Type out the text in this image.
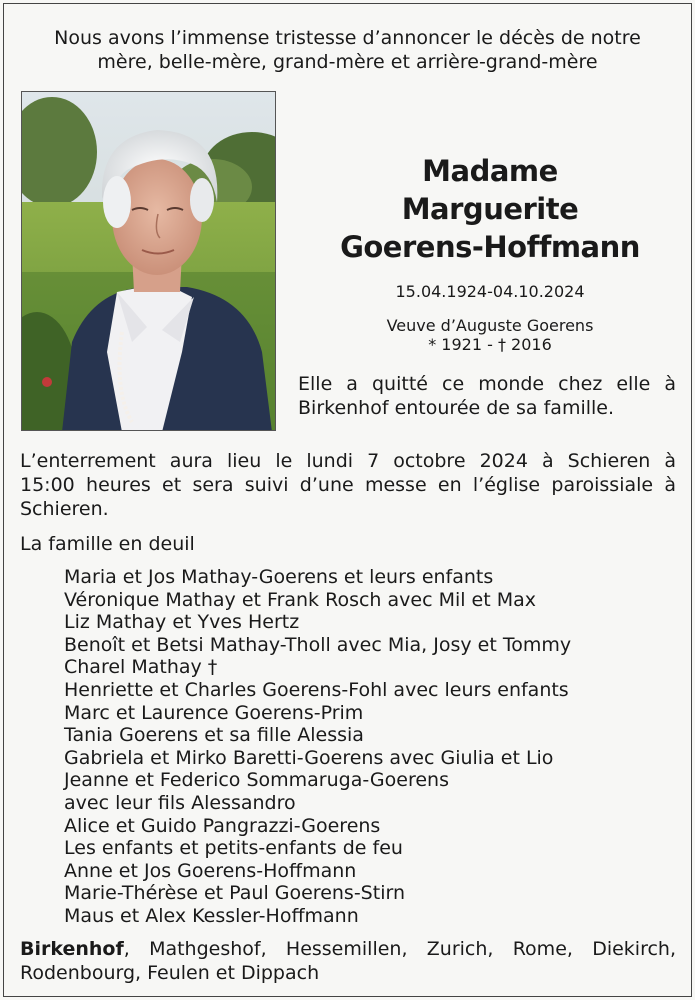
Nous avons l’immense tristesse d’annoncer le décès de notre
mère, belle-mère, grand-mère et arrière-grand-mère
Madame
Marguerite
Goerens-Hoffmann
15.04.1924-04.10.2024
Veuve d’Auguste Goerens
* 1921 - † 2016
Elle a quitté ce monde chez elle à
Birkenhof entourée de sa famille.
L’enterrement aura lieu le lundi 7 octobre 2024 à Schieren à
15:00 heures et sera suivi d’une messe en l’église paroissiale à
Schieren.
La famille en deuil
Maria et Jos Mathay-Goerens et leurs enfants
Véronique Mathay et Frank Rosch avec Mil et Max
Liz Mathay et Yves Hertz
Benoît et Betsi Mathay-Tholl avec Mia, Josy et Tommy
Charel Mathay †
Henriette et Charles Goerens-Fohl avec leurs enfants
Marc et Laurence Goerens-Prim
Tania Goerens et sa fille Alessia
Gabriela et Mirko Baretti-Goerens avec Giulia et Lio
Jeanne et Federico Sommaruga-Goerens
avec leur fils Alessandro
Alice et Guido Pangrazzi-Goerens
Les enfants et petits-enfants de feu
Anne et Jos Goerens-Hoffmann
Marie-Thérèse et Paul Goerens-Stirn
Maus et Alex Kessler-Hoffmann
Birkenhof, Mathgeshof, Hessemillen, Zurich, Rome, Diekirch,
Rodenbourg, Feulen et Dippach
